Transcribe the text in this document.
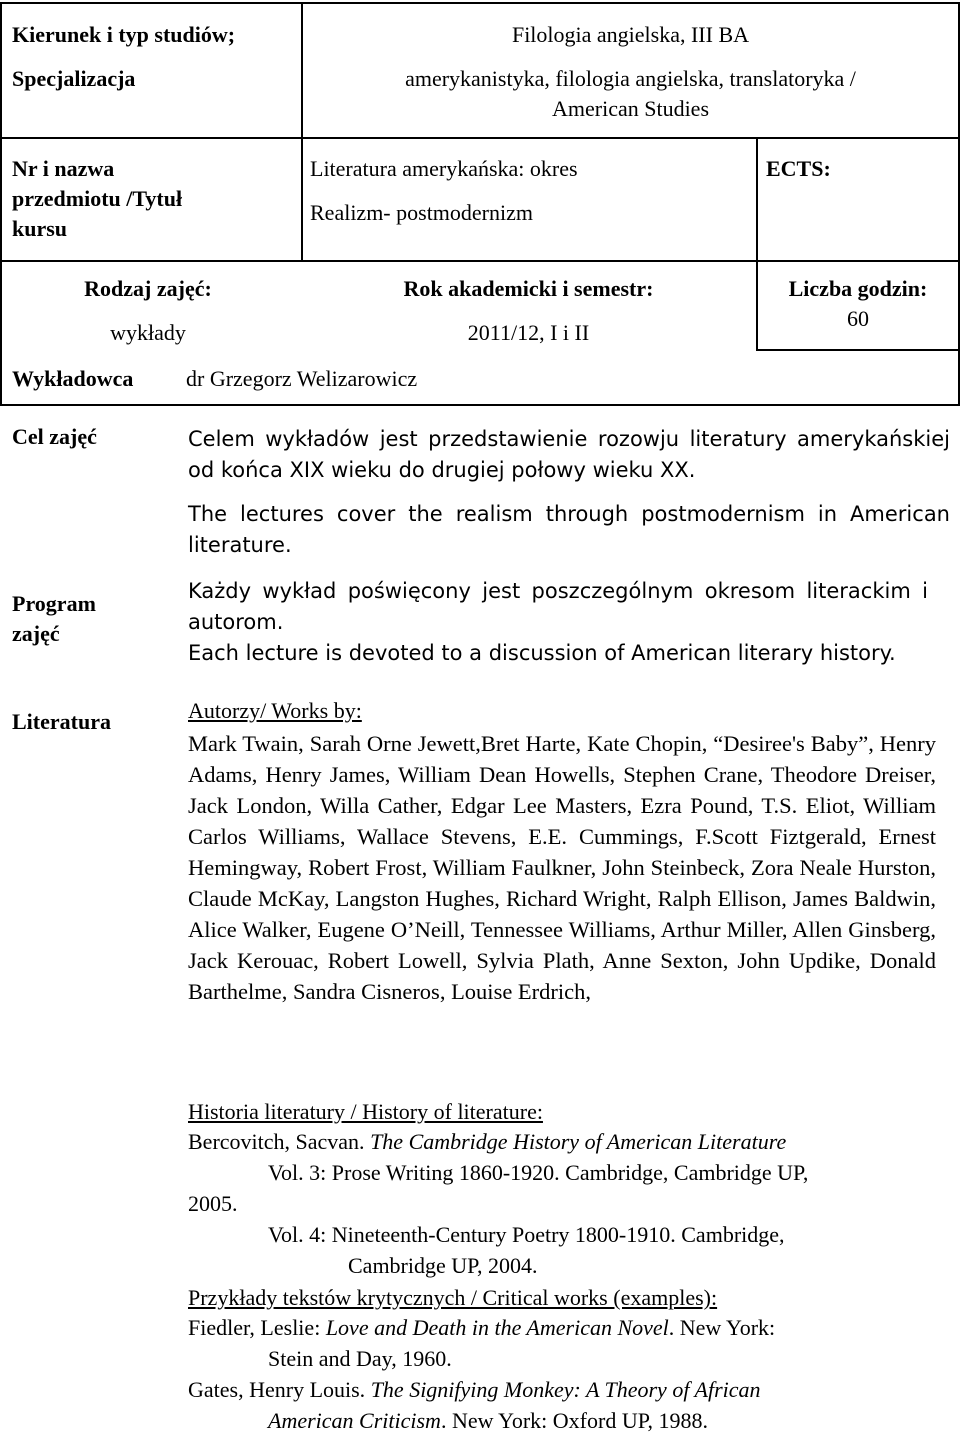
Kierunek i typ studiów;
Specjalizacja
Filologia angielska, III BA
amerykanistyka, filologia angielska, translatoryka /
American Studies
Nr i nazwa
przedmiotu /Tytuł
kursu
Literatura amerykańska: okres
Realizm- postmodernizm
ECTS:
Rodzaj zajęć:
wykłady
Rok akademicki i semestr:
2011/12, I i II
Liczba godzin:
60
Wykładowca dr Grzegorz Welizarowicz
Cel zajęć	Celem wykładów jest przedstawienie rozowju literatury amerykańskiej od końca XIX wieku do drugiej połowy wieku XX.
The lectures cover the realism through postmodernism in American literature.
Program
zajęć
Każdy wykład poświęcony jest poszczególnym okresom literackim i autorom.
Each lecture is devoted to a discussion of American literary history.
Literatura	Autorzy/ Works by:
Mark Twain, Sarah Orne Jewett,Bret Harte, Kate Chopin, “Desiree's Baby”, Henry Adams, Henry James, William Dean Howells, Stephen Crane, Theodore Dreiser, Jack London, Willa Cather, Edgar Lee Masters, Ezra Pound, T.S. Eliot, William Carlos Williams, Wallace Stevens, E.E. Cummings, F.Scott Fiztgerald, Ernest Hemingway, Robert Frost, William Faulkner, John Steinbeck, Zora Neale Hurston, Claude McKay, Langston Hughes, Richard Wright, Ralph Ellison, James Baldwin, Alice Walker, Eugene O’Neill, Tennessee Williams, Arthur Miller, Allen Ginsberg, Jack Kerouac, Robert Lowell, Sylvia Plath, Anne Sexton, John Updike, Donald Barthelme, Sandra Cisneros, Louise Erdrich,
Historia literatury / History of literature:
Bercovitch, Sacvan. The Cambridge History of American Literature
Vol. 3: Prose Writing 1860-1920. Cambridge, Cambridge UP,
2005.
Vol. 4: Nineteenth-Century Poetry 1800-1910. Cambridge,
Cambridge UP, 2004.
Przykłady tekstów krytycznych / Critical works (examples):
Fiedler, Leslie: Love and Death in the American Novel. New York:
Stein and Day, 1960.
Gates, Henry Louis. The Signifying Monkey: A Theory of African
American Criticism. New York: Oxford UP, 1988.
